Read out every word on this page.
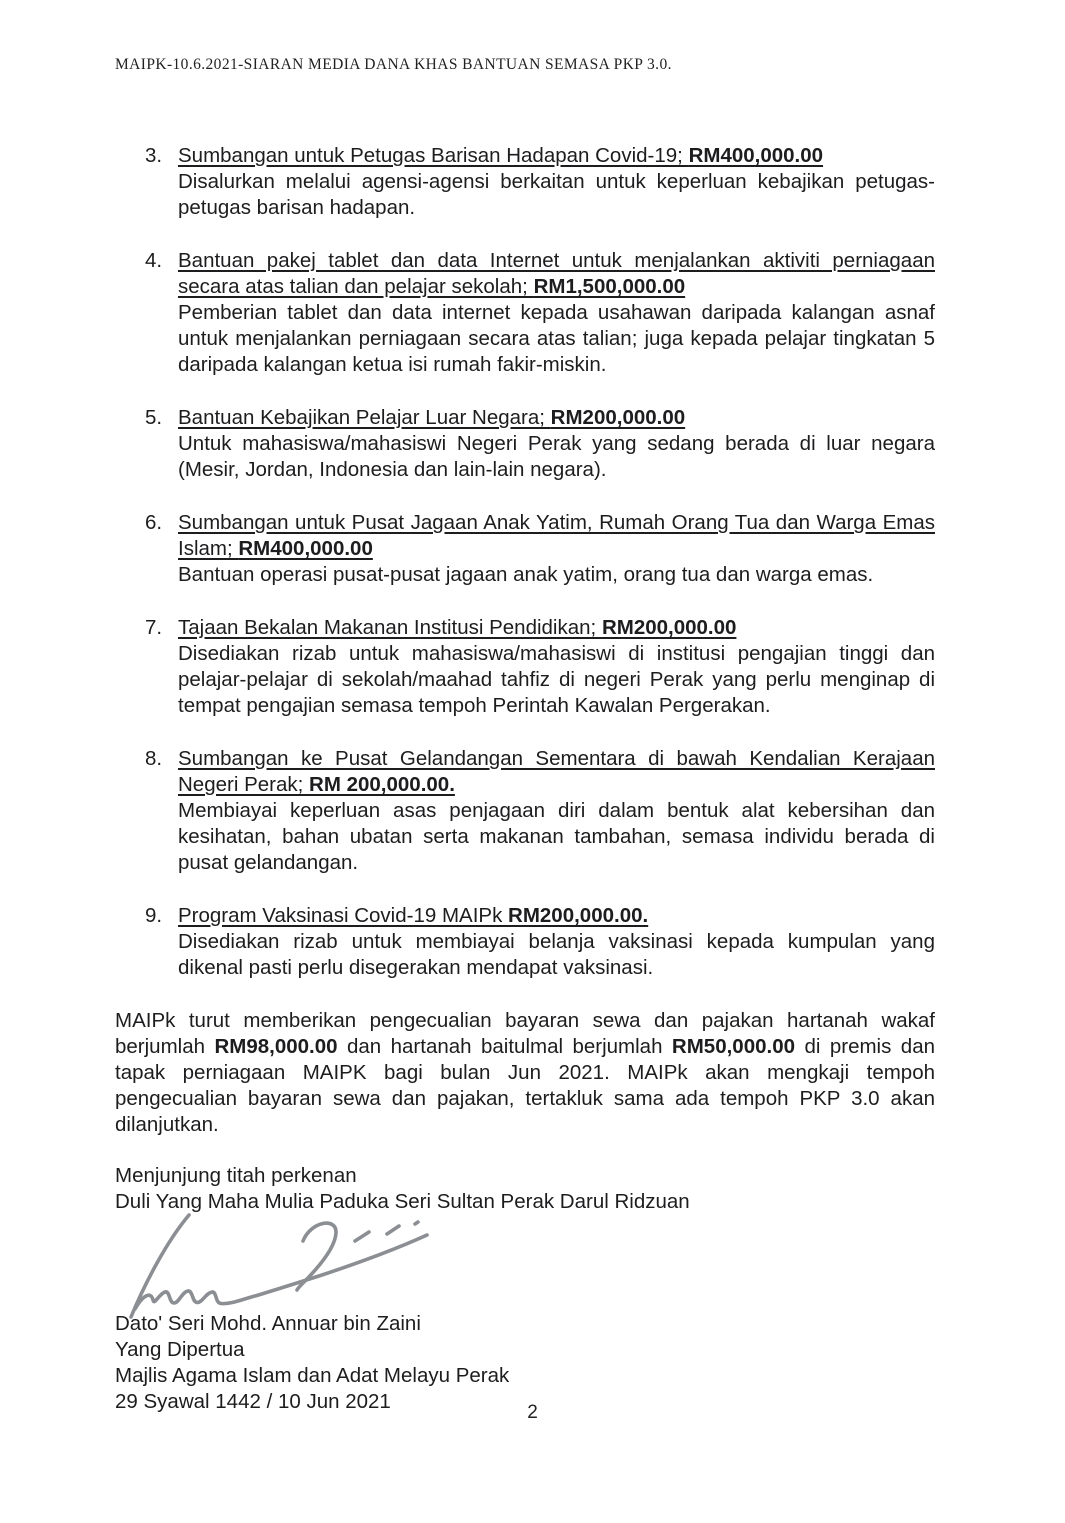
MAIPK-10.6.2021-SIARAN MEDIA DANA KHAS BANTUAN SEMASA PKP 3.0.
3. Sumbangan untuk Petugas Barisan Hadapan Covid-19; RM400,000.00
Disalurkan melalui agensi-agensi berkaitan untuk keperluan kebajikan petugas-petugas barisan hadapan.
4. Bantuan pakej tablet dan data Internet untuk menjalankan aktiviti perniagaan secara atas talian dan pelajar sekolah; RM1,500,000.00
Pemberian tablet dan data internet kepada usahawan daripada kalangan asnaf untuk menjalankan perniagaan secara atas talian; juga kepada pelajar tingkatan 5 daripada kalangan ketua isi rumah fakir-miskin.
5. Bantuan Kebajikan Pelajar Luar Negara; RM200,000.00
Untuk mahasiswa/mahasiswi Negeri Perak yang sedang berada di luar negara (Mesir, Jordan, Indonesia dan lain-lain negara).
6. Sumbangan untuk Pusat Jagaan Anak Yatim, Rumah Orang Tua dan Warga Emas Islam; RM400,000.00
Bantuan operasi pusat-pusat jagaan anak yatim, orang tua dan warga emas.
7. Tajaan Bekalan Makanan Institusi Pendidikan; RM200,000.00
Disediakan rizab untuk mahasiswa/mahasiswi di institusi pengajian tinggi dan pelajar-pelajar di sekolah/maahad tahfiz di negeri Perak yang perlu menginap di tempat pengajian semasa tempoh Perintah Kawalan Pergerakan.
8. Sumbangan ke Pusat Gelandangan Sementara di bawah Kendalian Kerajaan Negeri Perak; RM 200,000.00.
Membiayai keperluan asas penjagaan diri dalam bentuk alat kebersihan dan kesihatan, bahan ubatan serta makanan tambahan, semasa individu berada di pusat gelandangan.
9. Program Vaksinasi Covid-19 MAIPk RM200,000.00.
Disediakan rizab untuk membiayai belanja vaksinasi kepada kumpulan yang dikenal pasti perlu disegerakan mendapat vaksinasi.

MAIPk turut memberikan pengecualian bayaran sewa dan pajakan hartanah wakaf berjumlah RM98,000.00 dan hartanah baitulmal berjumlah RM50,000.00 di premis dan tapak perniagaan MAIPK bagi bulan Jun 2021. MAIPk akan mengkaji tempoh pengecualian bayaran sewa dan pajakan, tertakluk sama ada tempoh PKP 3.0 akan dilanjutkan.

Menjunjung titah perkenan
Duli Yang Maha Mulia Paduka Seri Sultan Perak Darul Ridzuan
Dato' Seri Mohd. Annuar bin Zaini
Yang Dipertua
Majlis Agama Islam dan Adat Melayu Perak
29 Syawal 1442 / 10 Jun 2021	2
